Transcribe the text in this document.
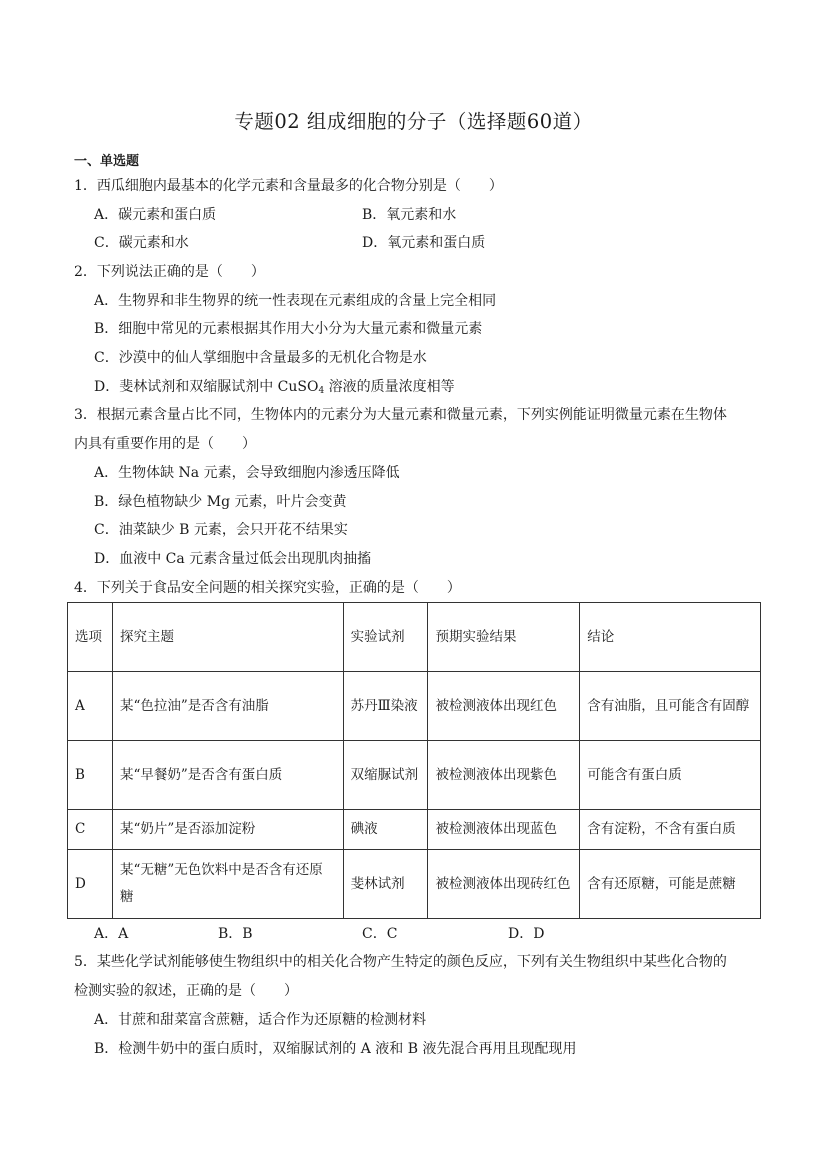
专题02 组成细胞的分子（选择题60道）
一、单选题
1．西瓜细胞内最基本的化学元素和含量最多的化合物分别是（　　）
A．碳元素和蛋白质	B．氧元素和水
C．碳元素和水	D．氧元素和蛋白质
2．下列说法正确的是（　　）
A．生物界和非生物界的统一性表现在元素组成的含量上完全相同
B．细胞中常见的元素根据其作用大小分为大量元素和微量元素
C．沙漠中的仙人掌细胞中含量最多的无机化合物是水
D．斐林试剂和双缩脲试剂中 CuSO$_4$ 溶液的质量浓度相等
3．根据元素含量占比不同，生物体内的元素分为大量元素和微量元素，下列实例能证明微量元素在生物体
内具有重要作用的是（　　）
A．生物体缺 Na 元素，会导致细胞内渗透压降低
B．绿色植物缺少 Mg 元素，叶片会变黄
C．油菜缺少 B 元素，会只开花不结果实
D．血液中 Ca 元素含量过低会出现肌肉抽搐
4．下列关于食品安全问题的相关探究实验，正确的是（　　）
选项	探究主题	实验试剂	预期实验结果	结论
A	某“色拉油”是否含有油脂	苏丹Ⅲ染液	被检测液体出现红色	含有油脂，且可能含有固醇
B	某“早餐奶”是否含有蛋白质	双缩脲试剂	被检测液体出现紫色	可能含有蛋白质
C	某“奶片”是否添加淀粉	碘液	被检测液体出现蓝色	含有淀粉，不含有蛋白质
D	某“无糖”无色饮料中是否含有还原糖	斐林试剂	被检测液体出现砖红色	含有还原糖，可能是蔗糖
A．A	B．B	C．C	D．D
5．某些化学试剂能够使生物组织中的相关化合物产生特定的颜色反应，下列有关生物组织中某些化合物的
检测实验的叙述，正确的是（　　）
A．甘蔗和甜菜富含蔗糖，适合作为还原糖的检测材料
B．检测牛奶中的蛋白质时，双缩脲试剂的 A 液和 B 液先混合再用且现配现用
